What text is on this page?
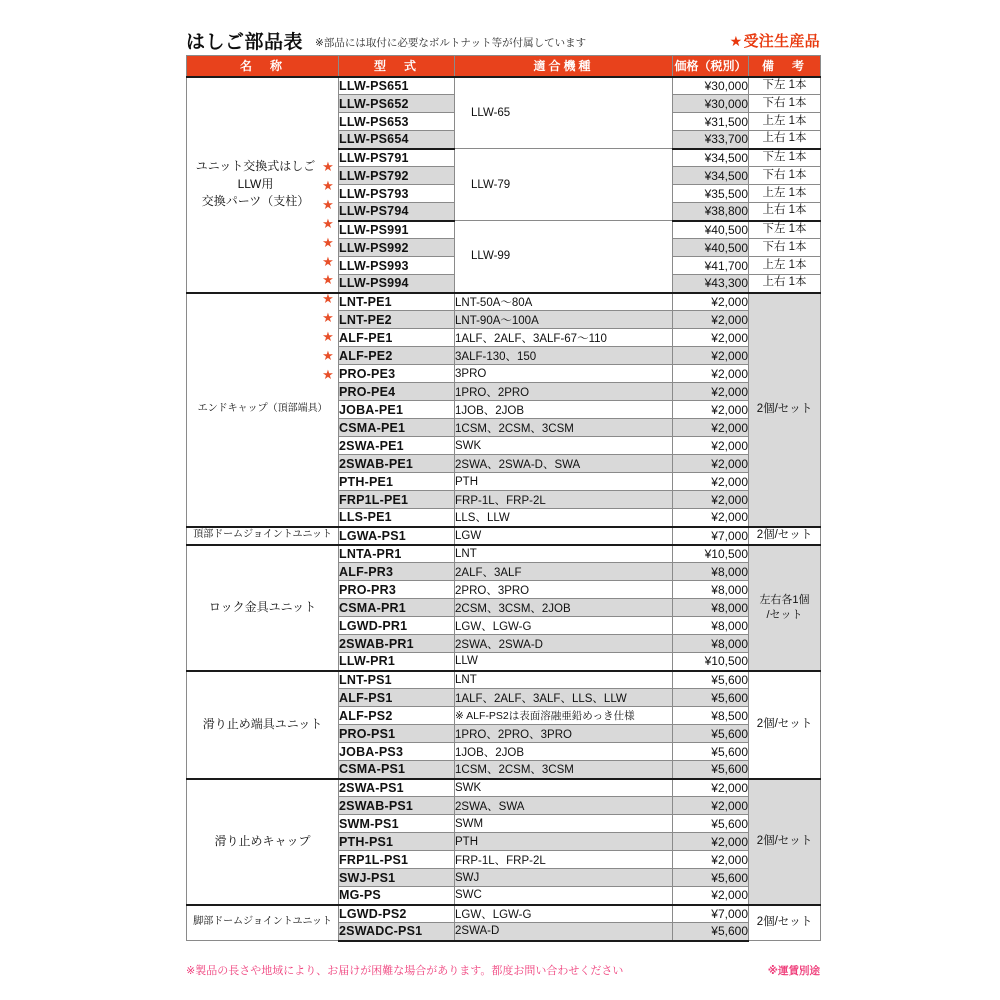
はしご部品表 ※部品には取付に必要なボルトナット等が付属しています	★受注生産品
名　称	型　式	適合機種	価格（税別）	備　考

ユニット交換式はしご
LLW用
交換パーツ（支柱）
★
★
★
★
★
★
★
★
★
★
★
★
	LLW-PS651	LLW-65	¥30,000	下左 1本
	LLW-PS652		¥30,000	下右 1本
	LLW-PS653		¥31,500	上左 1本
	LLW-PS654		¥33,700	上右 1本
	LLW-PS791	LLW-79	¥34,500	下左 1本
	LLW-PS792		¥34,500	下右 1本
	LLW-PS793		¥35,500	上左 1本
	LLW-PS794		¥38,800	上右 1本
	LLW-PS991	LLW-99	¥40,500	下左 1本
	LLW-PS992		¥40,500	下右 1本
	LLW-PS993		¥41,700	上左 1本
	LLW-PS994		¥43,300	上右 1本

エンドキャップ（頂部端具）	LNT-PE1	LNT-50A〜80A	¥2,000	2個/セット
	LNT-PE2	LNT-90A〜100A	¥2,000	
	ALF-PE1	1ALF、2ALF、3ALF-67〜110	¥2,000	
	ALF-PE2	3ALF-130、150	¥2,000	
	PRO-PE3	3PRO	¥2,000	
	PRO-PE4	1PRO、2PRO	¥2,000	
	JOBA-PE1	1JOB、2JOB	¥2,000	
	CSMA-PE1	1CSM、2CSM、3CSM	¥2,000	
	2SWA-PE1	SWK	¥2,000	
	2SWAB-PE1	2SWA、2SWA-D、SWA	¥2,000	
	PTH-PE1	PTH	¥2,000	
	FRP1L-PE1	FRP-1L、FRP-2L	¥2,000	
	LLS-PE1	LLS、LLW	¥2,000	

頂部ドームジョイントユニット	LGWA-PS1	LGW	¥7,000	2個/セット

ロック金具ユニット	LNTA-PR1	LNT	¥10,500	左右各1個
/セット
	ALF-PR3	2ALF、3ALF	¥8,000	
	PRO-PR3	2PRO、3PRO	¥8,000	
	CSMA-PR1	2CSM、3CSM、2JOB	¥8,000	
	LGWD-PR1	LGW、LGW-G	¥8,000	
	2SWAB-PR1	2SWA、2SWA-D	¥8,000	
	LLW-PR1	LLW	¥10,500	

滑り止め端具ユニット	LNT-PS1	LNT	¥5,600	2個/セット
	ALF-PS1	1ALF、2ALF、3ALF、LLS、LLW	¥5,600	
	ALF-PS2	※ ALF-PS2は表面溶融亜鉛めっき仕様	¥8,500	
	PRO-PS1	1PRO、2PRO、3PRO	¥5,600	
	JOBA-PS3	1JOB、2JOB	¥5,600	
	CSMA-PS1	1CSM、2CSM、3CSM	¥5,600	

滑り止めキャップ	2SWA-PS1	SWK	¥2,000	2個/セット
	2SWAB-PS1	2SWA、SWA	¥2,000	
	SWM-PS1	SWM	¥5,600	
	PTH-PS1	PTH	¥2,000	
	FRP1L-PS1	FRP-1L、FRP-2L	¥2,000	
	SWJ-PS1	SWJ	¥5,600	
	MG-PS	SWC	¥2,000	

脚部ドームジョイントユニット	LGWD-PS2	LGW、LGW-G	¥7,000	2個/セット
	2SWADC-PS1	2SWA-D	¥5,600	
※製品の長さや地域により、お届けが困難な場合があります。都度お問い合わせください	※運賃別途
